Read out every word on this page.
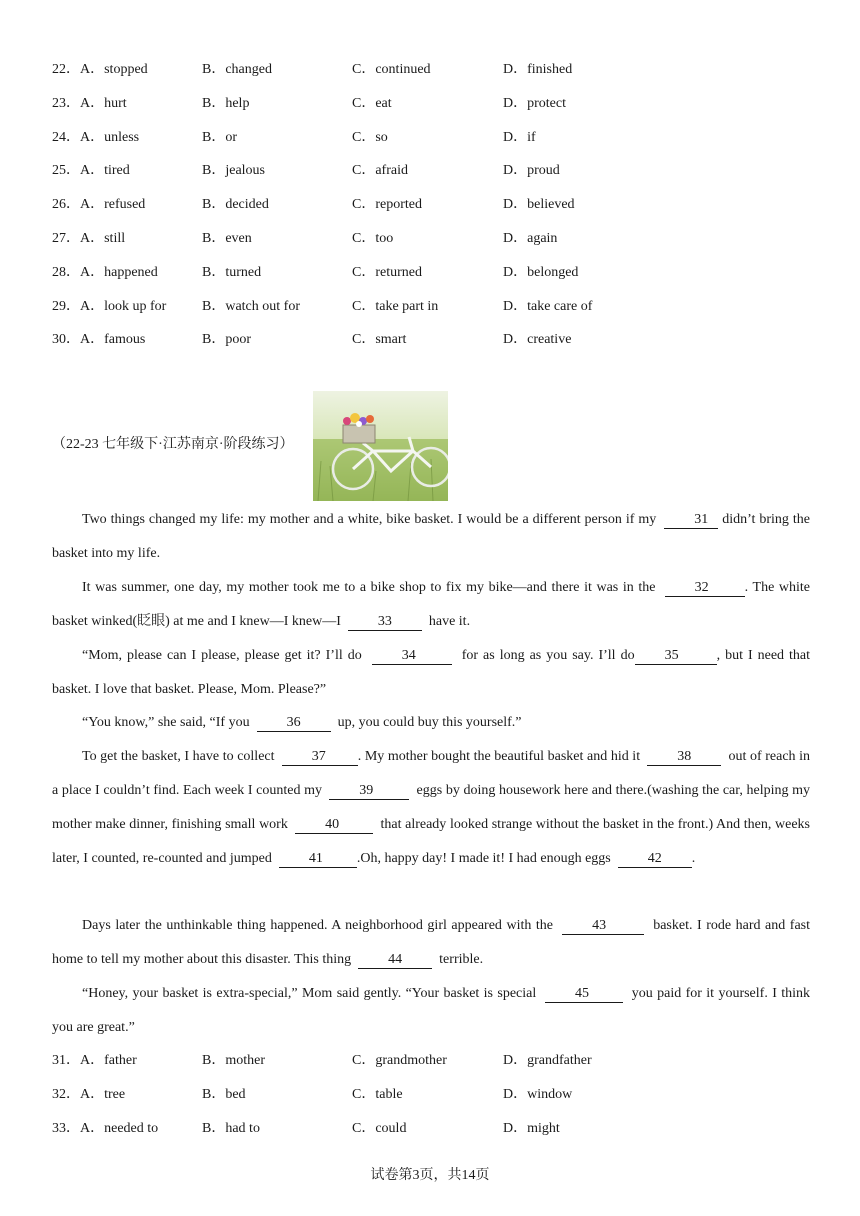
22．A．stopped	B．changed	C．continued	D．finished
23．A．hurt	B．help	C．eat	D．protect
24．A．unless	B．or	C．so	D．if
25．A．tired	B．jealous	C．afraid	D．proud
26．A．refused	B．decided	C．reported	D．believed
27．A．still	B．even	C．too	D．again
28．A．happened	B．turned	C．returned	D．belonged
29．A．look up for	B．watch out for	C．take part in	D．take care of
30．A．famous	B．poor	C．smart	D．creative
（22-23 七年级下·江苏南京·阶段练习）
Two things changed my life: my mother and a white, bike basket. I would be a different person if my	31 didn’t bring the basket into my life.
It was summer, one day, my mother took me to a bike shop to fix my bike—and there it was in the	32	. The white basket winked(眨眼) at me and I knew—I knew—I	33	have it.
“Mom, please can I please, please get it? I’ll do	34	for as long as you say. I’ll do 35	, but I need that basket. I love that basket. Please, Mom. Please?”
“You know,” she said, “If you	36	up, you could buy this yourself.”
To get the basket, I have to collect	37 . My mother bought the beautiful basket and hid it	38	out of reach in a place I couldn’t find. Each week I counted my	39	eggs by doing housework here and there.(washing the car, helping my mother make dinner, finishing small work	40	that already looked strange without the basket in the front.) And then, weeks later, I counted, re-counted and jumped	41 .Oh, happy day! I made it! I had enough eggs	42 .
Days later the unthinkable thing happened. A neighborhood girl appeared with the	43	basket. I rode hard and fast home to tell my mother about this disaster. This thing	44	terrible.
“Honey, your basket is extra-special,” Mom said gently. “Your basket is special	45	you paid for it yourself. I think you are great.”
31．A．father	B．mother	C．grandmother	D．grandfather
32．A．tree	B．bed	C．table	D．window
33．A．needed to	B．had to	C．could	D．might
试卷第3页，共14页
